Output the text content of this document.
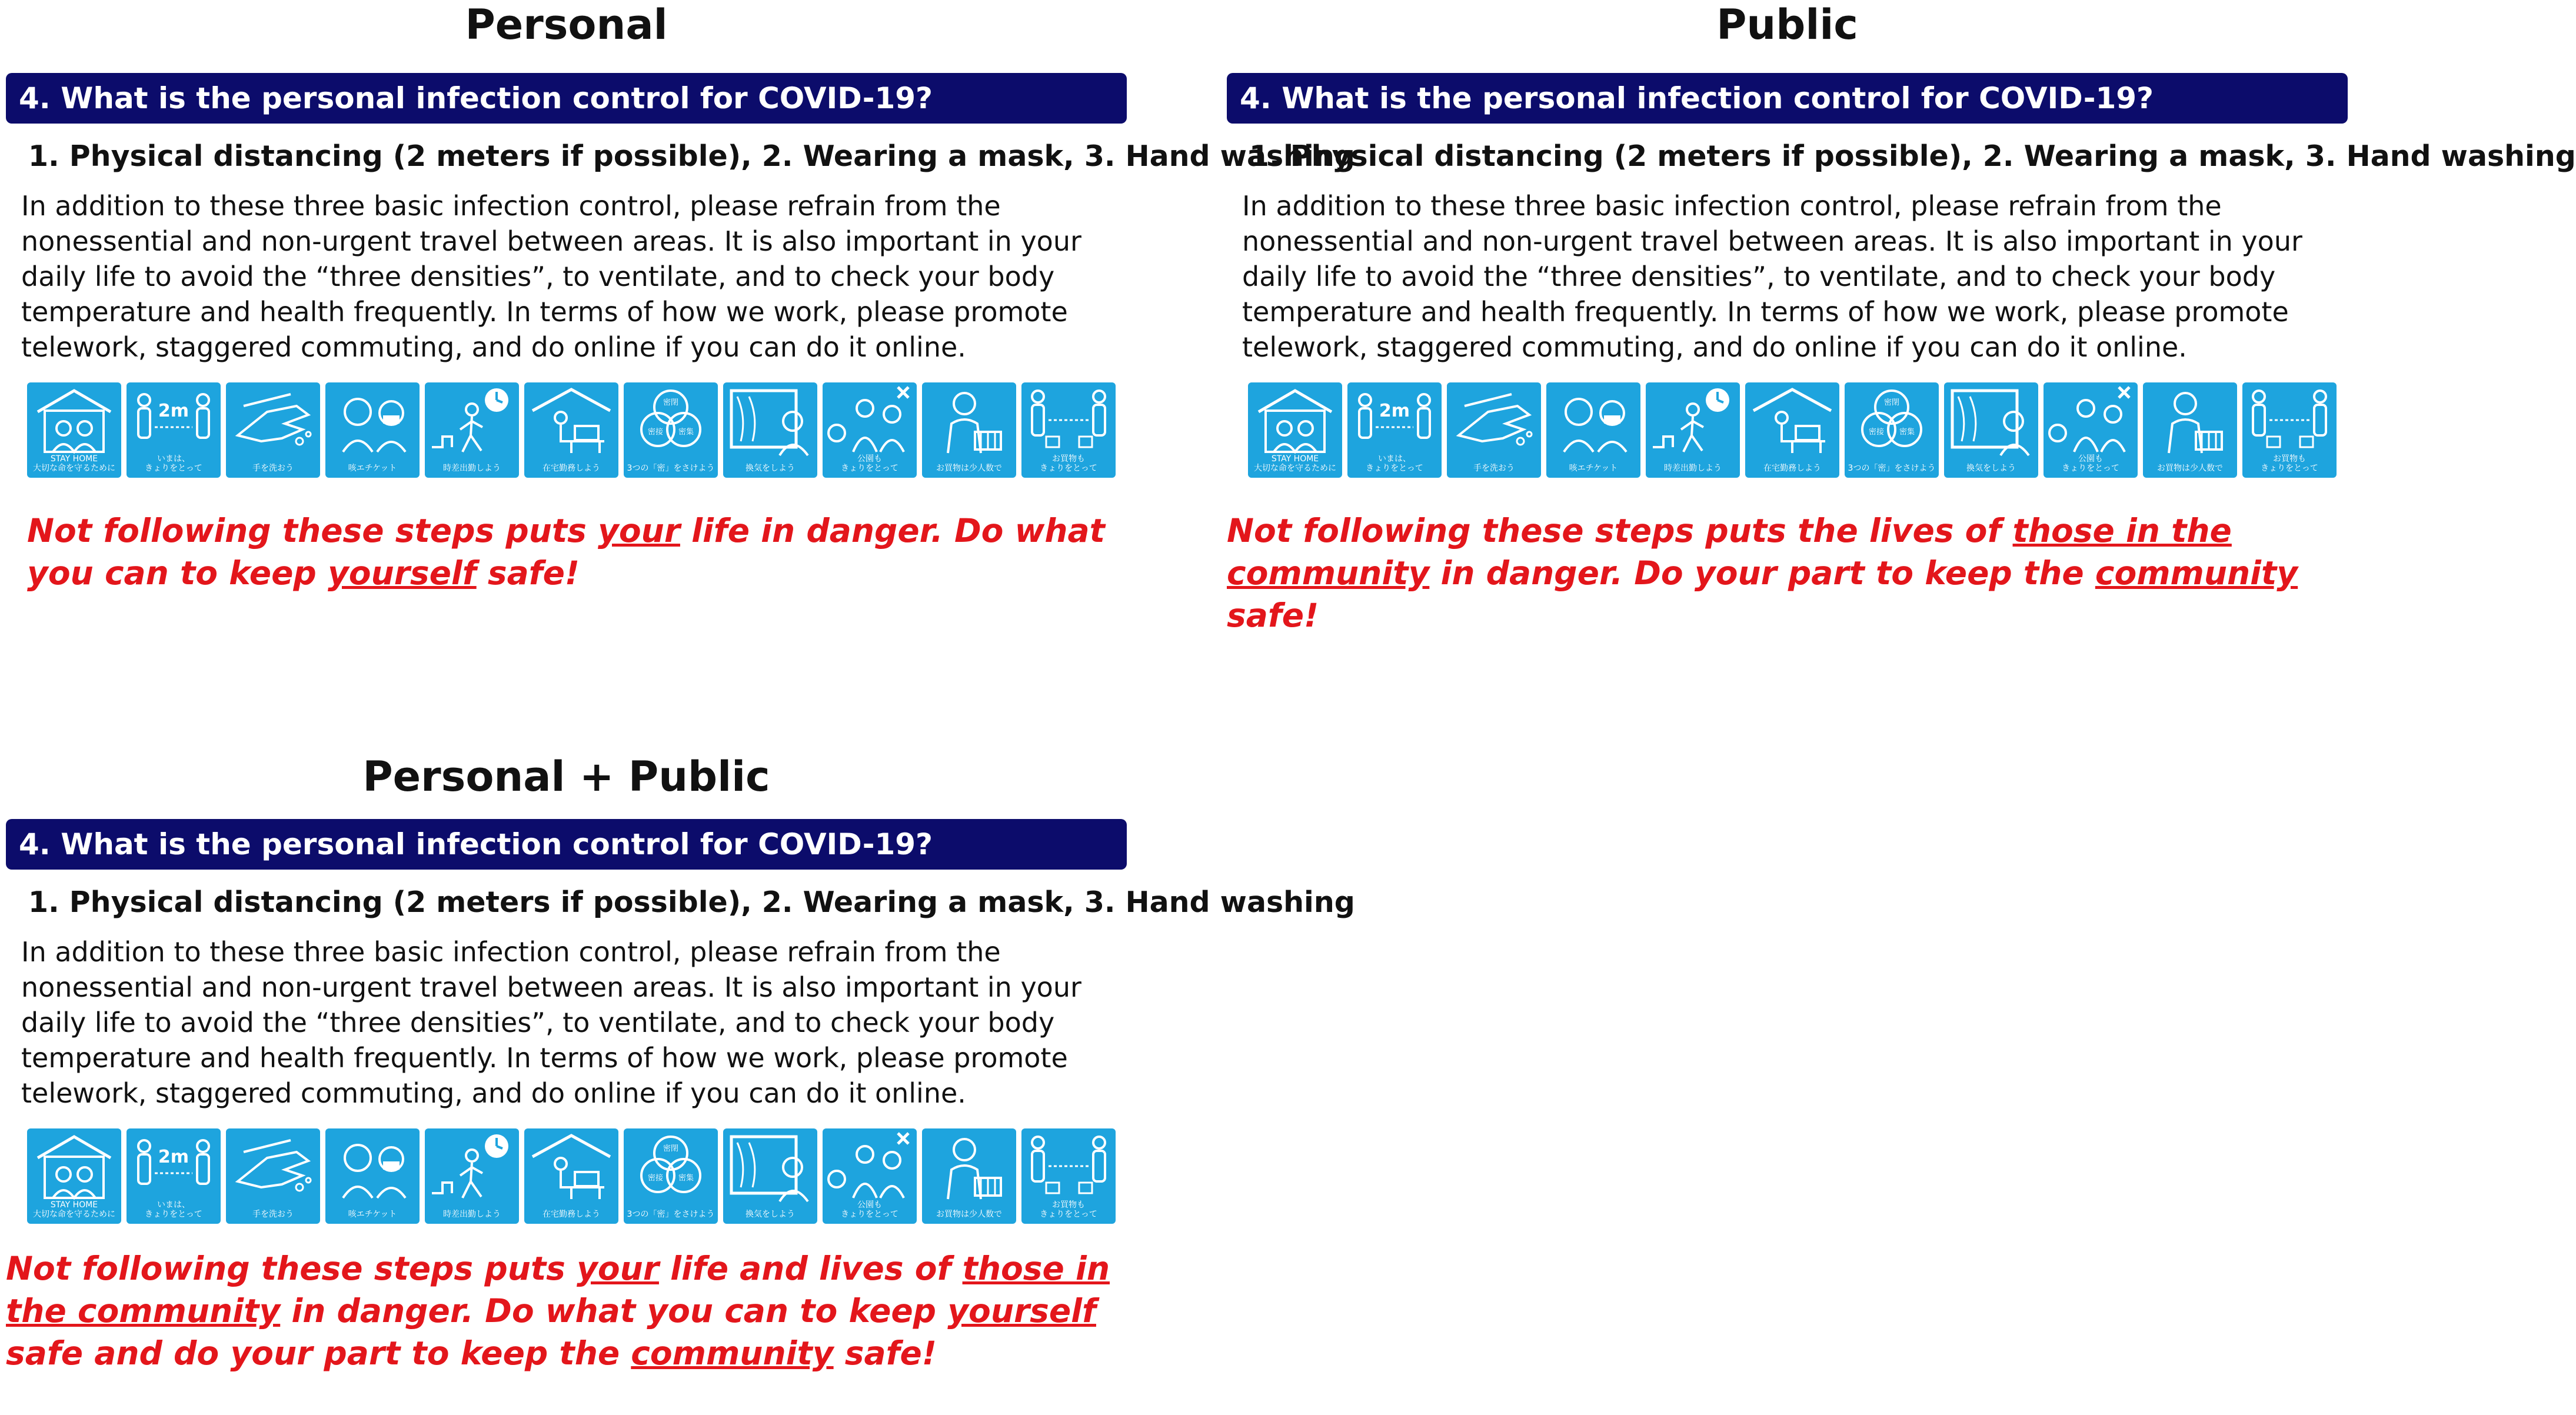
Personal
4. What is the personal infection control for COVID-19?
1. Physical distancing (2 meters if possible), 2. Wearing a mask, 3. Hand washing
In addition to these three basic infection control, please refrain from the nonessential and non-urgent travel between areas. It is also important in your daily life to avoid the “three densities”, to ventilate, and to check your body temperature and health frequently. In terms of how we work, please promote telework, staggered commuting, and do online if you can do it online.
STAY HOME
大切な命を守るために
2m
いまは、
きょりをとって	手を洗おう	咳エチケット	時差出勤しよう	在宅勤務しよう
密閉
密接 密集
3つの「密」をさけよう	換気をしよう
公園も
きょりをとって	お買物は少人数で
お買物も
きょりをとって
Not following these steps puts your life in danger. Do what you can to keep yourself safe!
Public
4. What is the personal infection control for COVID-19?
1. Physical distancing (2 meters if possible), 2. Wearing a mask, 3. Hand washing
In addition to these three basic infection control, please refrain from the nonessential and non-urgent travel between areas. It is also important in your daily life to avoid the “three densities”, to ventilate, and to check your body temperature and health frequently. In terms of how we work, please promote telework, staggered commuting, and do online if you can do it online.
STAY HOME
大切な命を守るために
2m
いまは、
きょりをとって	手を洗おう	咳エチケット	時差出勤しよう	在宅勤務しよう
密閉
密接 密集
3つの「密」をさけよう	換気をしよう
公園も
きょりをとって	お買物は少人数で
お買物も
きょりをとって
Not following these steps puts the lives of those in the community in danger. Do your part to keep the community safe!
Personal + Public
4. What is the personal infection control for COVID-19?
1. Physical distancing (2 meters if possible), 2. Wearing a mask, 3. Hand washing
In addition to these three basic infection control, please refrain from the nonessential and non-urgent travel between areas. It is also important in your daily life to avoid the “three densities”, to ventilate, and to check your body temperature and health frequently. In terms of how we work, please promote telework, staggered commuting, and do online if you can do it online.
STAY HOME
大切な命を守るために
2m
いまは、
きょりをとって	手を洗おう	咳エチケット	時差出勤しよう	在宅勤務しよう
密閉
密接 密集
3つの「密」をさけよう	換気をしよう
公園も
きょりをとって	お買物は少人数で
お買物も
きょりをとって
Not following these steps puts your life and lives of those in the community in danger. Do what you can to keep yourself safe and do your part to keep the community safe!
